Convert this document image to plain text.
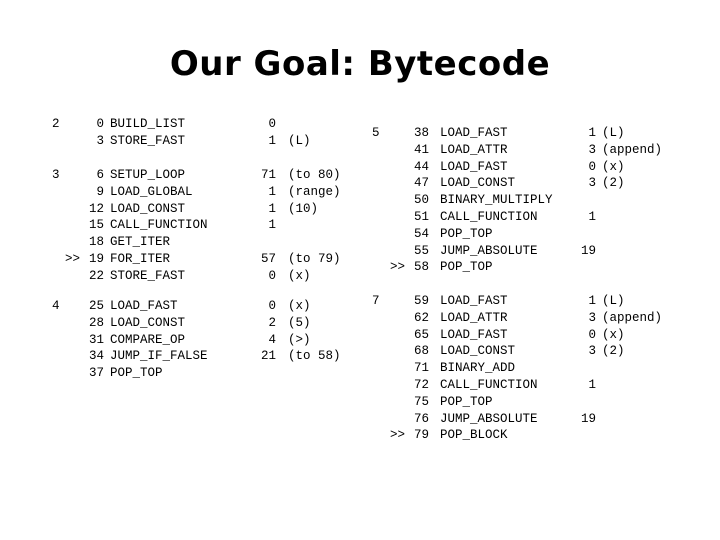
Our Goal: Bytecode
2	0 BUILD_LIST	0
3 STORE_FAST	1 (L)
3	6 SETUP_LOOP	71 (to 80)
9 LOAD_GLOBAL	1 (range)
12 LOAD_CONST	1 (10)
15 CALL_FUNCTION	1
18 GET_ITER
>> 19 FOR_ITER	57 (to 79)
22 STORE_FAST	0 (x)
4	25 LOAD_FAST	0 (x)
28 LOAD_CONST	2 (5)
31 COMPARE_OP	4 (>)
34 JUMP_IF_FALSE	21 (to 58)
37 POP_TOP
5	38 LOAD_FAST	1 (L)
41 LOAD_ATTR	3 (append)
44 LOAD_FAST	0 (x)
47 LOAD_CONST	3 (2)
50 BINARY_MULTIPLY
51 CALL_FUNCTION	1
54 POP_TOP
55 JUMP_ABSOLUTE	19
>> 58 POP_TOP
7	59 LOAD_FAST	1 (L)
62 LOAD_ATTR	3 (append)
65 LOAD_FAST	0 (x)
68 LOAD_CONST	3 (2)
71 BINARY_ADD
72 CALL_FUNCTION	1
75 POP_TOP
76 JUMP_ABSOLUTE	19
>> 79 POP_BLOCK
